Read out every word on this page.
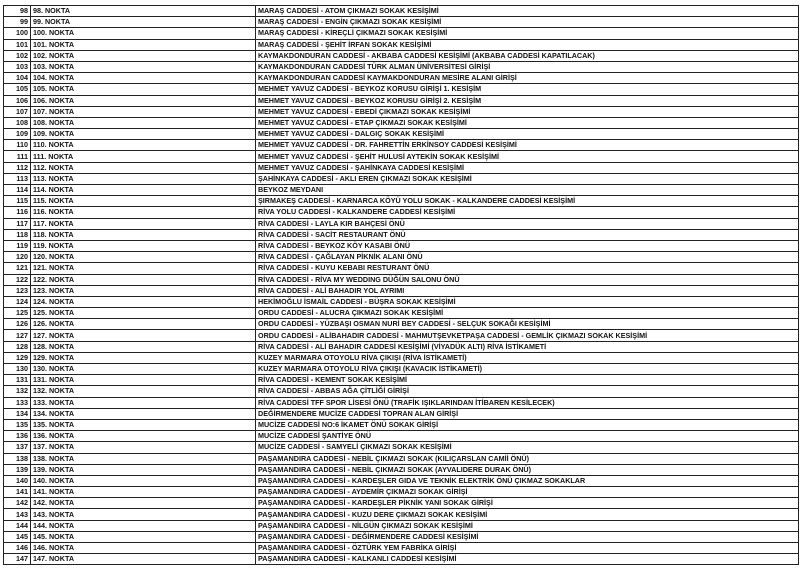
98	98. NOKTA	MARAŞ CADDESİ - ATOM ÇIKMAZI SOKAK KESİŞİMİ
99	99. NOKTA	MARAŞ CADDESİ - ENGİN ÇIKMAZI SOKAK KESİŞİMİ
100	100. NOKTA	MARAŞ CADDESİ - KİREÇLİ ÇIKMAZI SOKAK KESİŞİMİ
101	101. NOKTA	MARAŞ CADDESİ - ŞEHİT İRFAN SOKAK KESİŞİMİ
102	102. NOKTA	KAYMAKDONDURAN CADDESİ - AKBABA CADDESİ KESİŞİMİ (AKBABA CADDESİ KAPATILACAK)
103	103. NOKTA	KAYMAKDONDURAN CADDESİ TÜRK ALMAN ÜNİVERSİTESİ GİRİŞİ
104	104. NOKTA	KAYMAKDONDURAN CADDESİ KAYMAKDONDURAN MESİRE ALANI GİRİŞİ
105	105. NOKTA	MEHMET YAVUZ CADDESİ - BEYKOZ KORUSU GİRİŞİ 1. KESİŞİM
106	106. NOKTA	MEHMET YAVUZ CADDESİ - BEYKOZ KORUSU GİRİŞİ 2. KESİŞİM
107	107. NOKTA	MEHMET YAVUZ CADDESİ - EBEDİ ÇIKMAZI SOKAK KESİŞİMİ
108	108. NOKTA	MEHMET YAVUZ CADDESİ - ETAP ÇIKMAZI SOKAK KESİŞİMİ
109	109. NOKTA	MEHMET YAVUZ CADDESİ - DALGIÇ SOKAK KESİŞİMİ
110	110. NOKTA	MEHMET YAVUZ CADDESİ - DR. FAHRETTİN ERKİNSOY CADDESİ KESİŞİMİ
111	111. NOKTA	MEHMET YAVUZ CADDESİ - ŞEHİT HULUSİ AYTEKİN SOKAK KESİŞİMİ
112	112. NOKTA	MEHMET YAVUZ CADDESİ - ŞAHİNKAYA CADDESİ KESİŞİMİ
113	113. NOKTA	ŞAHİNKAYA CADDESİ - AKLI EREN ÇIKMAZI SOKAK KESİŞİMİ
114	114. NOKTA	BEYKOZ MEYDANI
115	115. NOKTA	ŞIRMAKEŞ CADDESİ - KARNARCA KÖYÜ YOLU SOKAK - KALKANDERE CADDESİ KESİŞİMİ
116	116. NOKTA	RİVA YOLU CADDESİ - KALKANDERE CADDESİ KESİŞİMİ
117	117. NOKTA	RİVA CADDESİ - LAYLA KIR BAHÇESİ ÖNÜ
118	118. NOKTA	RİVA CADDESİ - SACİT RESTAURANT ÖNÜ
119	119. NOKTA	RİVA CADDESİ - BEYKOZ KÖY KASABI ÖNÜ
120	120. NOKTA	RİVA CADDESİ - ÇAĞLAYAN PİKNİK ALANI ÖNÜ
121	121. NOKTA	RİVA CADDESİ - KUYU KEBABI RESTURANT ÖNÜ
122	122. NOKTA	RİVA CADDESİ - RİVA MY WEDDING DÜĞÜN SALONU ÖNÜ
123	123. NOKTA	RİVA CADDESİ - ALİ BAHADIR YOL AYRIMI
124	124. NOKTA	HEKİMOĞLU İSMAİL CADDESİ - BÜŞRA SOKAK KESİŞİMİ
125	125. NOKTA	ORDU CADDESİ - ALUCRA ÇIKMAZI SOKAK KESİŞİMİ
126	126. NOKTA	ORDU CADDESİ - YÜZBAŞI OSMAN NURİ BEY CADDESİ - SELÇUK SOKAĞI KESİŞİMİ
127	127. NOKTA	ORDU CADDESİ - ALİBAHADIR CADDESİ - MAHMUTŞEVKETPAŞA CADDESİ - GEMLİK ÇIKMAZI SOKAK KESİŞİMİ
128	128. NOKTA	RİVA CADDESİ - ALİ BAHADIR CADDESİ KESİŞİMİ (VİYADÜK ALTI) RİVA İSTİKAMETİ
129	129. NOKTA	KUZEY MARMARA OTOYOLU RİVA ÇIKIŞI (RİVA İSTİKAMETİ)
130	130. NOKTA	KUZEY MARMARA OTOYOLU RİVA ÇIKIŞI (KAVACIK İSTİKAMETİ)
131	131. NOKTA	RİVA CADDESİ - KEMENT SOKAK KESİŞİMİ
132	132. NOKTA	RİVA CADDESİ - ABBAS AĞA ÇİTLİĞİ GİRİŞİ
133	133. NOKTA	RİVA CADDESİ TFF SPOR LİSESİ ÖNÜ (TRAFİK IŞIKLARINDAN İTİBAREN KESİLECEK)
134	134. NOKTA	DEĞİRMENDERE MUCİZE CADDESİ TOPRAN ALAN GİRİŞİ
135	135. NOKTA	MUCİZE CADDESİ NO:6 İKAMET ÖNÜ SOKAK GİRİŞİ
136	136. NOKTA	MUCİZE CADDESİ ŞANTİYE ÖNÜ
137	137. NOKTA	MUCİZE CADDESİ - SAMYELİ ÇIKMAZI SOKAK KESİŞİMİ
138	138. NOKTA	PAŞAMANDIRA CADDESİ - NEBİL ÇIKMAZI SOKAK (KILIÇARSLAN CAMİİ ÖNÜ)
139	139. NOKTA	PAŞAMANDIRA CADDESİ - NEBİL ÇIKMAZI SOKAK (AYVALIDERE DURAK ÖNÜ)
140	140. NOKTA	PAŞAMANDIRA CADDESİ - KARDEŞLER GIDA VE TEKNİK ELEKTRİK ÖNÜ ÇIKMAZ SOKAKLAR
141	141. NOKTA	PAŞAMANDIRA CADDESİ - AYDEMİR ÇIKMAZI SOKAK GİRİŞİ
142	142. NOKTA	PAŞAMANDIRA CADDESİ - KARDEŞLER PİKNİK YANI SOKAK GİRİŞİ
143	143. NOKTA	PAŞAMANDIRA CADDESİ - KUZU DERE ÇIKMAZI SOKAK KESİŞİMİ
144	144. NOKTA	PAŞAMANDIRA CADDESİ - NİLGÜN ÇIKMAZI SOKAK KESİŞİMİ
145	145. NOKTA	PAŞAMANDIRA CADDESİ - DEĞİRMENDERE CADDESİ KESİŞİMİ
146	146. NOKTA	PAŞAMANDIRA CADDESİ - ÖZTÜRK YEM FABRİKA GİRİŞİ
147	147. NOKTA	PAŞAMANDIRA CADDESİ - KALKANLI CADDESİ KESİŞİMİ
